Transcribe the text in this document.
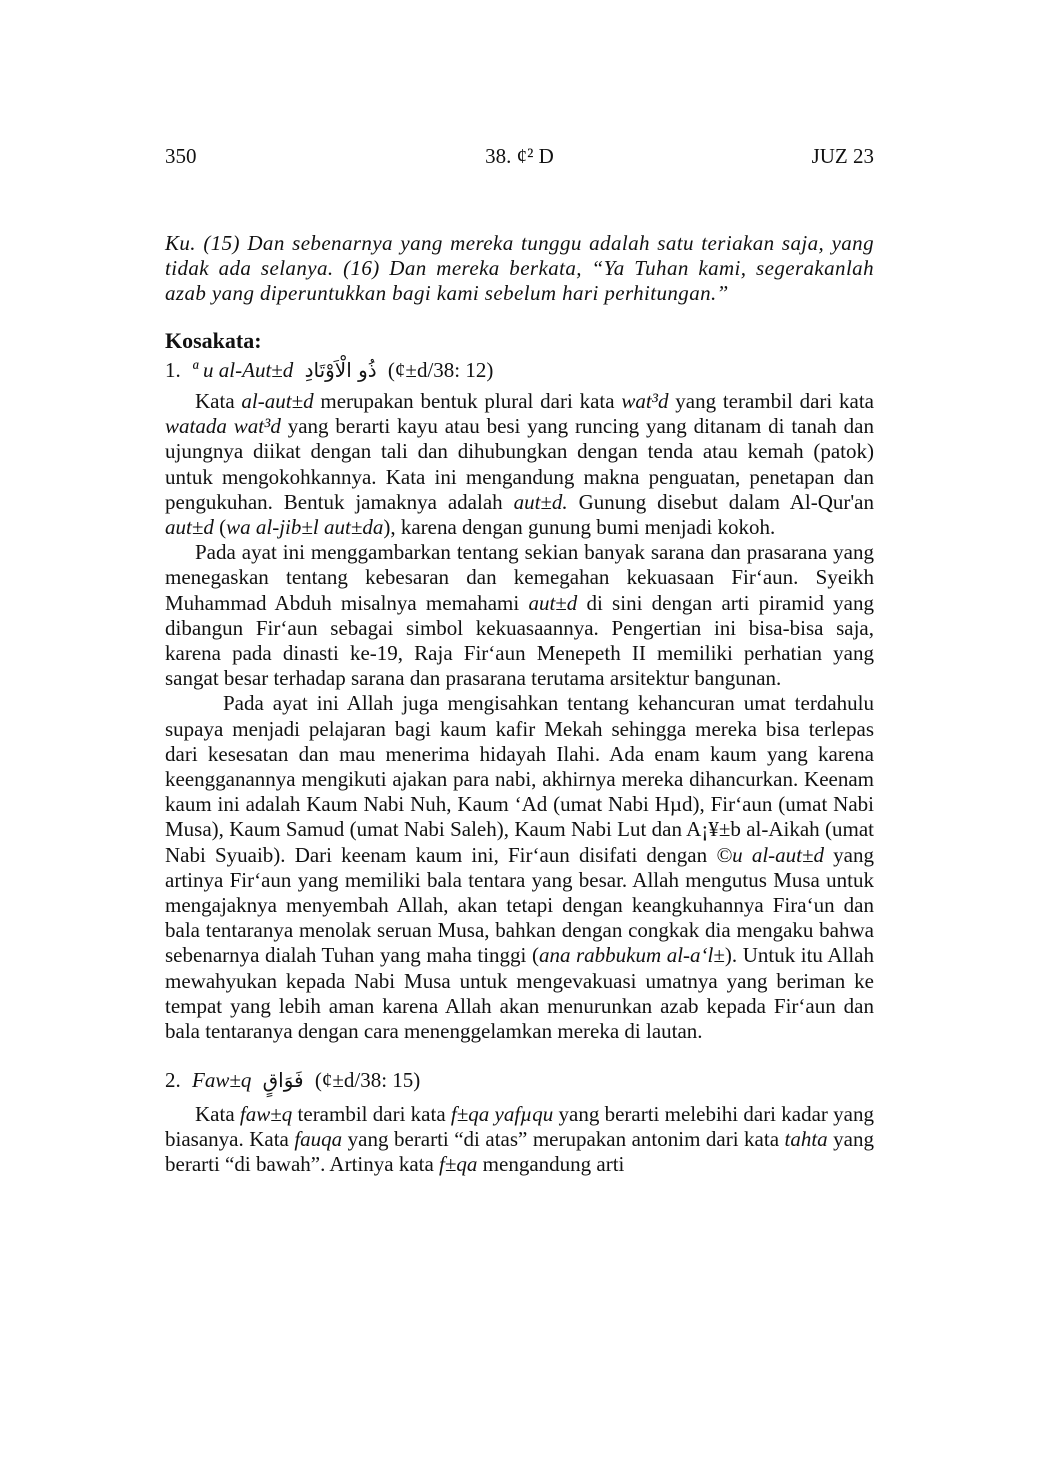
350	38. ¢² D	JUZ 23

Ku. (15) Dan sebenarnya yang mereka tunggu adalah satu teriakan saja, yang tidak ada selanya. (16) Dan mereka berkata, “Ya Tuhan kami, segerakanlah azab yang diperuntukkan bagi kami sebelum hari perhitungan.”

Kosakata:
1. ª u al-Aut±d ذُو الْاَوْتَادِ (¢±d/38: 12)

Kata al-aut±d merupakan bentuk plural dari kata wat³d yang terambil dari kata watada wat³d yang berarti kayu atau besi yang runcing yang ditanam di tanah dan ujungnya diikat dengan tali dan dihubungkan dengan tenda atau kemah (patok) untuk mengokohkannya. Kata ini mengandung makna penguatan, penetapan dan pengukuhan. Bentuk jamaknya adalah aut±d. Gunung disebut dalam Al-Qur'an aut±d (wa al-jib±l aut±da), karena dengan gunung bumi menjadi kokoh.

Pada ayat ini menggambarkan tentang sekian banyak sarana dan prasarana yang menegaskan tentang kebesaran dan kemegahan kekuasaan Fir‘aun. Syeikh Muhammad Abduh misalnya memahami aut±d di sini dengan arti piramid yang dibangun Fir‘aun sebagai simbol kekuasaannya. Pengertian ini bisa-bisa saja, karena pada dinasti ke-19, Raja Fir‘aun Menepeth II memiliki perhatian yang sangat besar terhadap sarana dan prasarana terutama arsitektur bangunan.

Pada ayat ini Allah juga mengisahkan tentang kehancuran umat terdahulu supaya menjadi pelajaran bagi kaum kafir Mekah sehingga mereka bisa terlepas dari kesesatan dan mau menerima hidayah Ilahi. Ada enam kaum yang karena keengganannya mengikuti ajakan para nabi, akhirnya mereka dihancurkan. Keenam kaum ini adalah Kaum Nabi Nuh, Kaum ‘Ad (umat Nabi Hµd), Fir‘aun (umat Nabi Musa), Kaum Samud (umat Nabi Saleh), Kaum Nabi Lut dan A¡¥±b al-Aikah (umat Nabi Syuaib). Dari keenam kaum ini, Fir‘aun disifati dengan ©u al-aut±d yang artinya Fir‘aun yang memiliki bala tentara yang besar. Allah mengutus Musa untuk mengajaknya menyembah Allah, akan tetapi dengan keangkuhannya Fira‘un dan bala tentaranya menolak seruan Musa, bahkan dengan congkak dia mengaku bahwa sebenarnya dialah Tuhan yang maha tinggi (ana rabbukum al-a‘l±). Untuk itu Allah mewahyukan kepada Nabi Musa untuk mengevakuasi umatnya yang beriman ke tempat yang lebih aman karena Allah akan menurunkan azab kepada Fir‘aun dan bala tentaranya dengan cara menenggelamkan mereka di lautan.

2. Faw±q فَوَاقٍ (¢±d/38: 15)

Kata faw±q terambil dari kata f±qa yafµqu yang berarti melebihi dari kadar yang biasanya. Kata fauqa yang berarti “di atas” merupakan antonim dari kata tahta yang berarti “di bawah”. Artinya kata f±qa mengandung arti
